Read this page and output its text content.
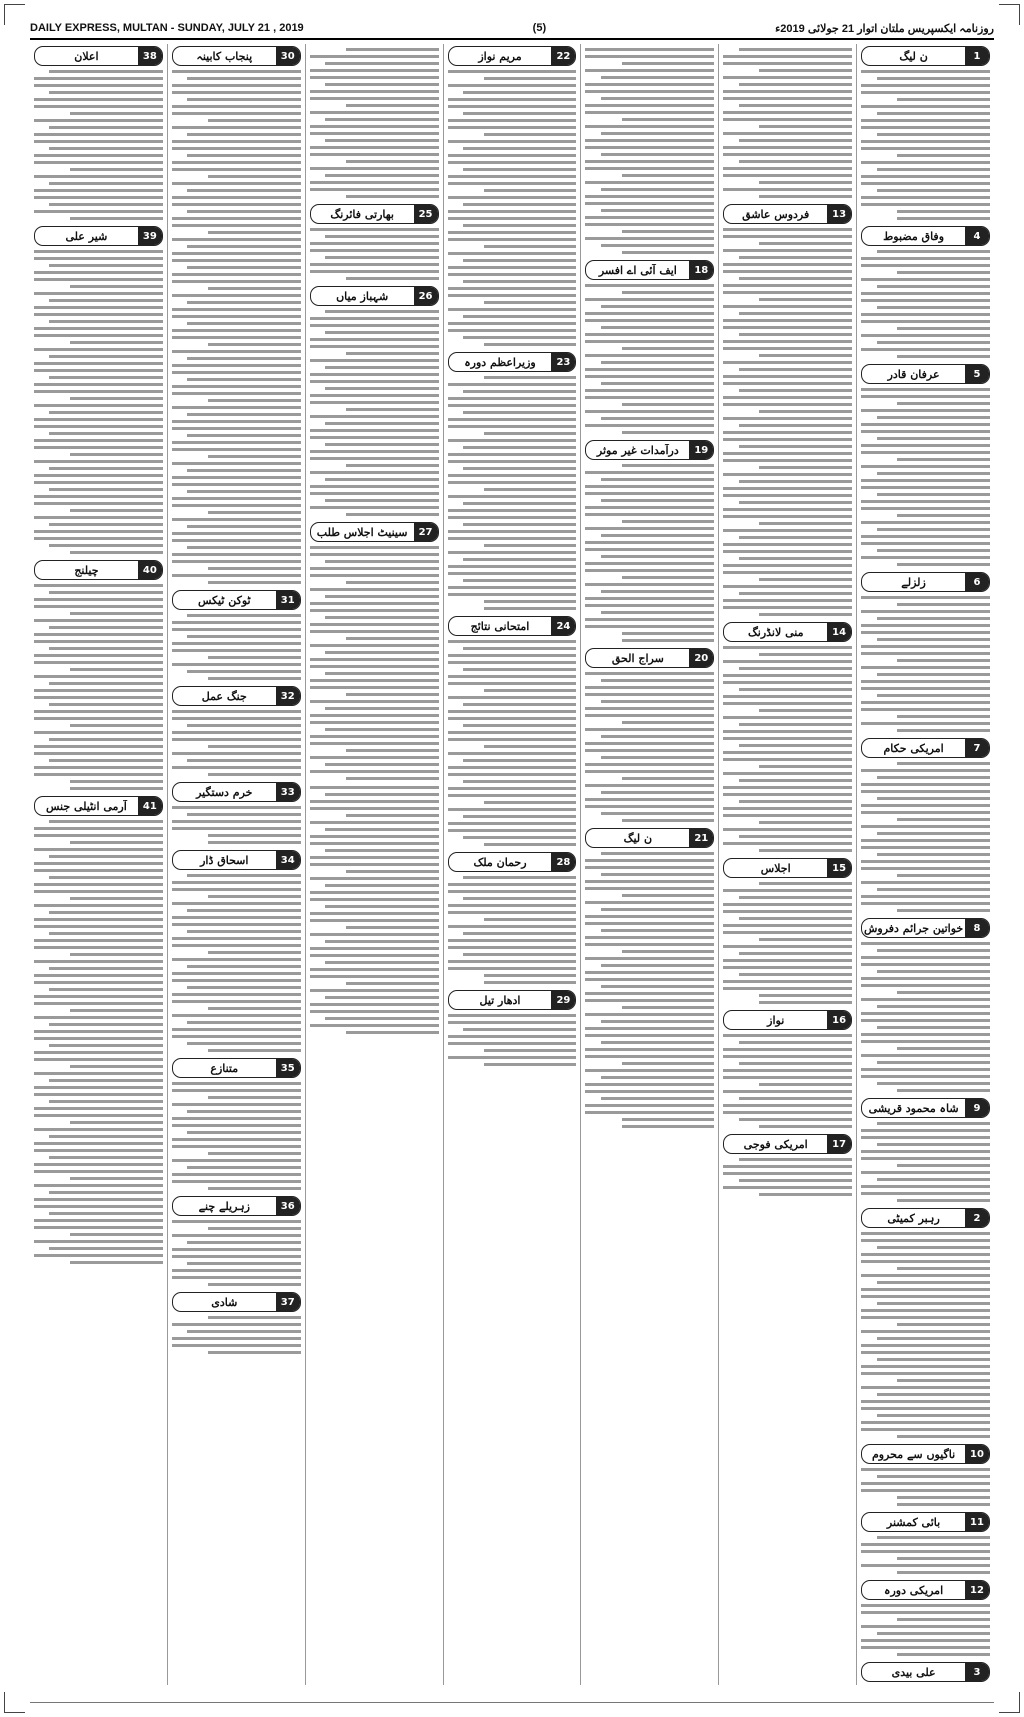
DAILY EXPRESS, MULTAN - SUNDAY, JULY 21 , 2019	(5)	روزنامہ ایکسپریس ملتان اتوار 21 جولائی 2019ء
1
ن لیگ
4
وفاق مضبوط
5
عرفان قادر
6
زلزلے
7
امریکی حکام
8
خواتین جرائم دفروش
9
شاہ محمود قریشی
2
رہبر کمیٹی
10
ناگیوں سے محروم
11
بائی کمشنر
12
امریکی دورہ
3
علی بیدی
13
فردوس عاشق
14
منی لانڈرنگ
15
اجلاس
16
نواز
17
امریکی فوجی
18
ایف آئی اے افسر
19
درآمدات غیر موثر
20
سراج الحق
21
ن لیگ
22
مریم نواز
23
وزیراعظم دورہ
24
امتحانی نتائج
28
رحمان ملک
29
ادھار تیل
25
بھارتی فائرنگ
26
شہباز میاں
27
سینیٹ اجلاس طلب
30
پنجاب کابینہ
31
ٹوکن ٹیکس
32
جنگ عمل
33
خرم دستگیر
34
اسحاق ڈار
35
متنازع
36
زہریلے چنے
37
شادی
38
اعلان
39
شیر علی
40
چیلنج
41
آرمی انٹیلی جنس
